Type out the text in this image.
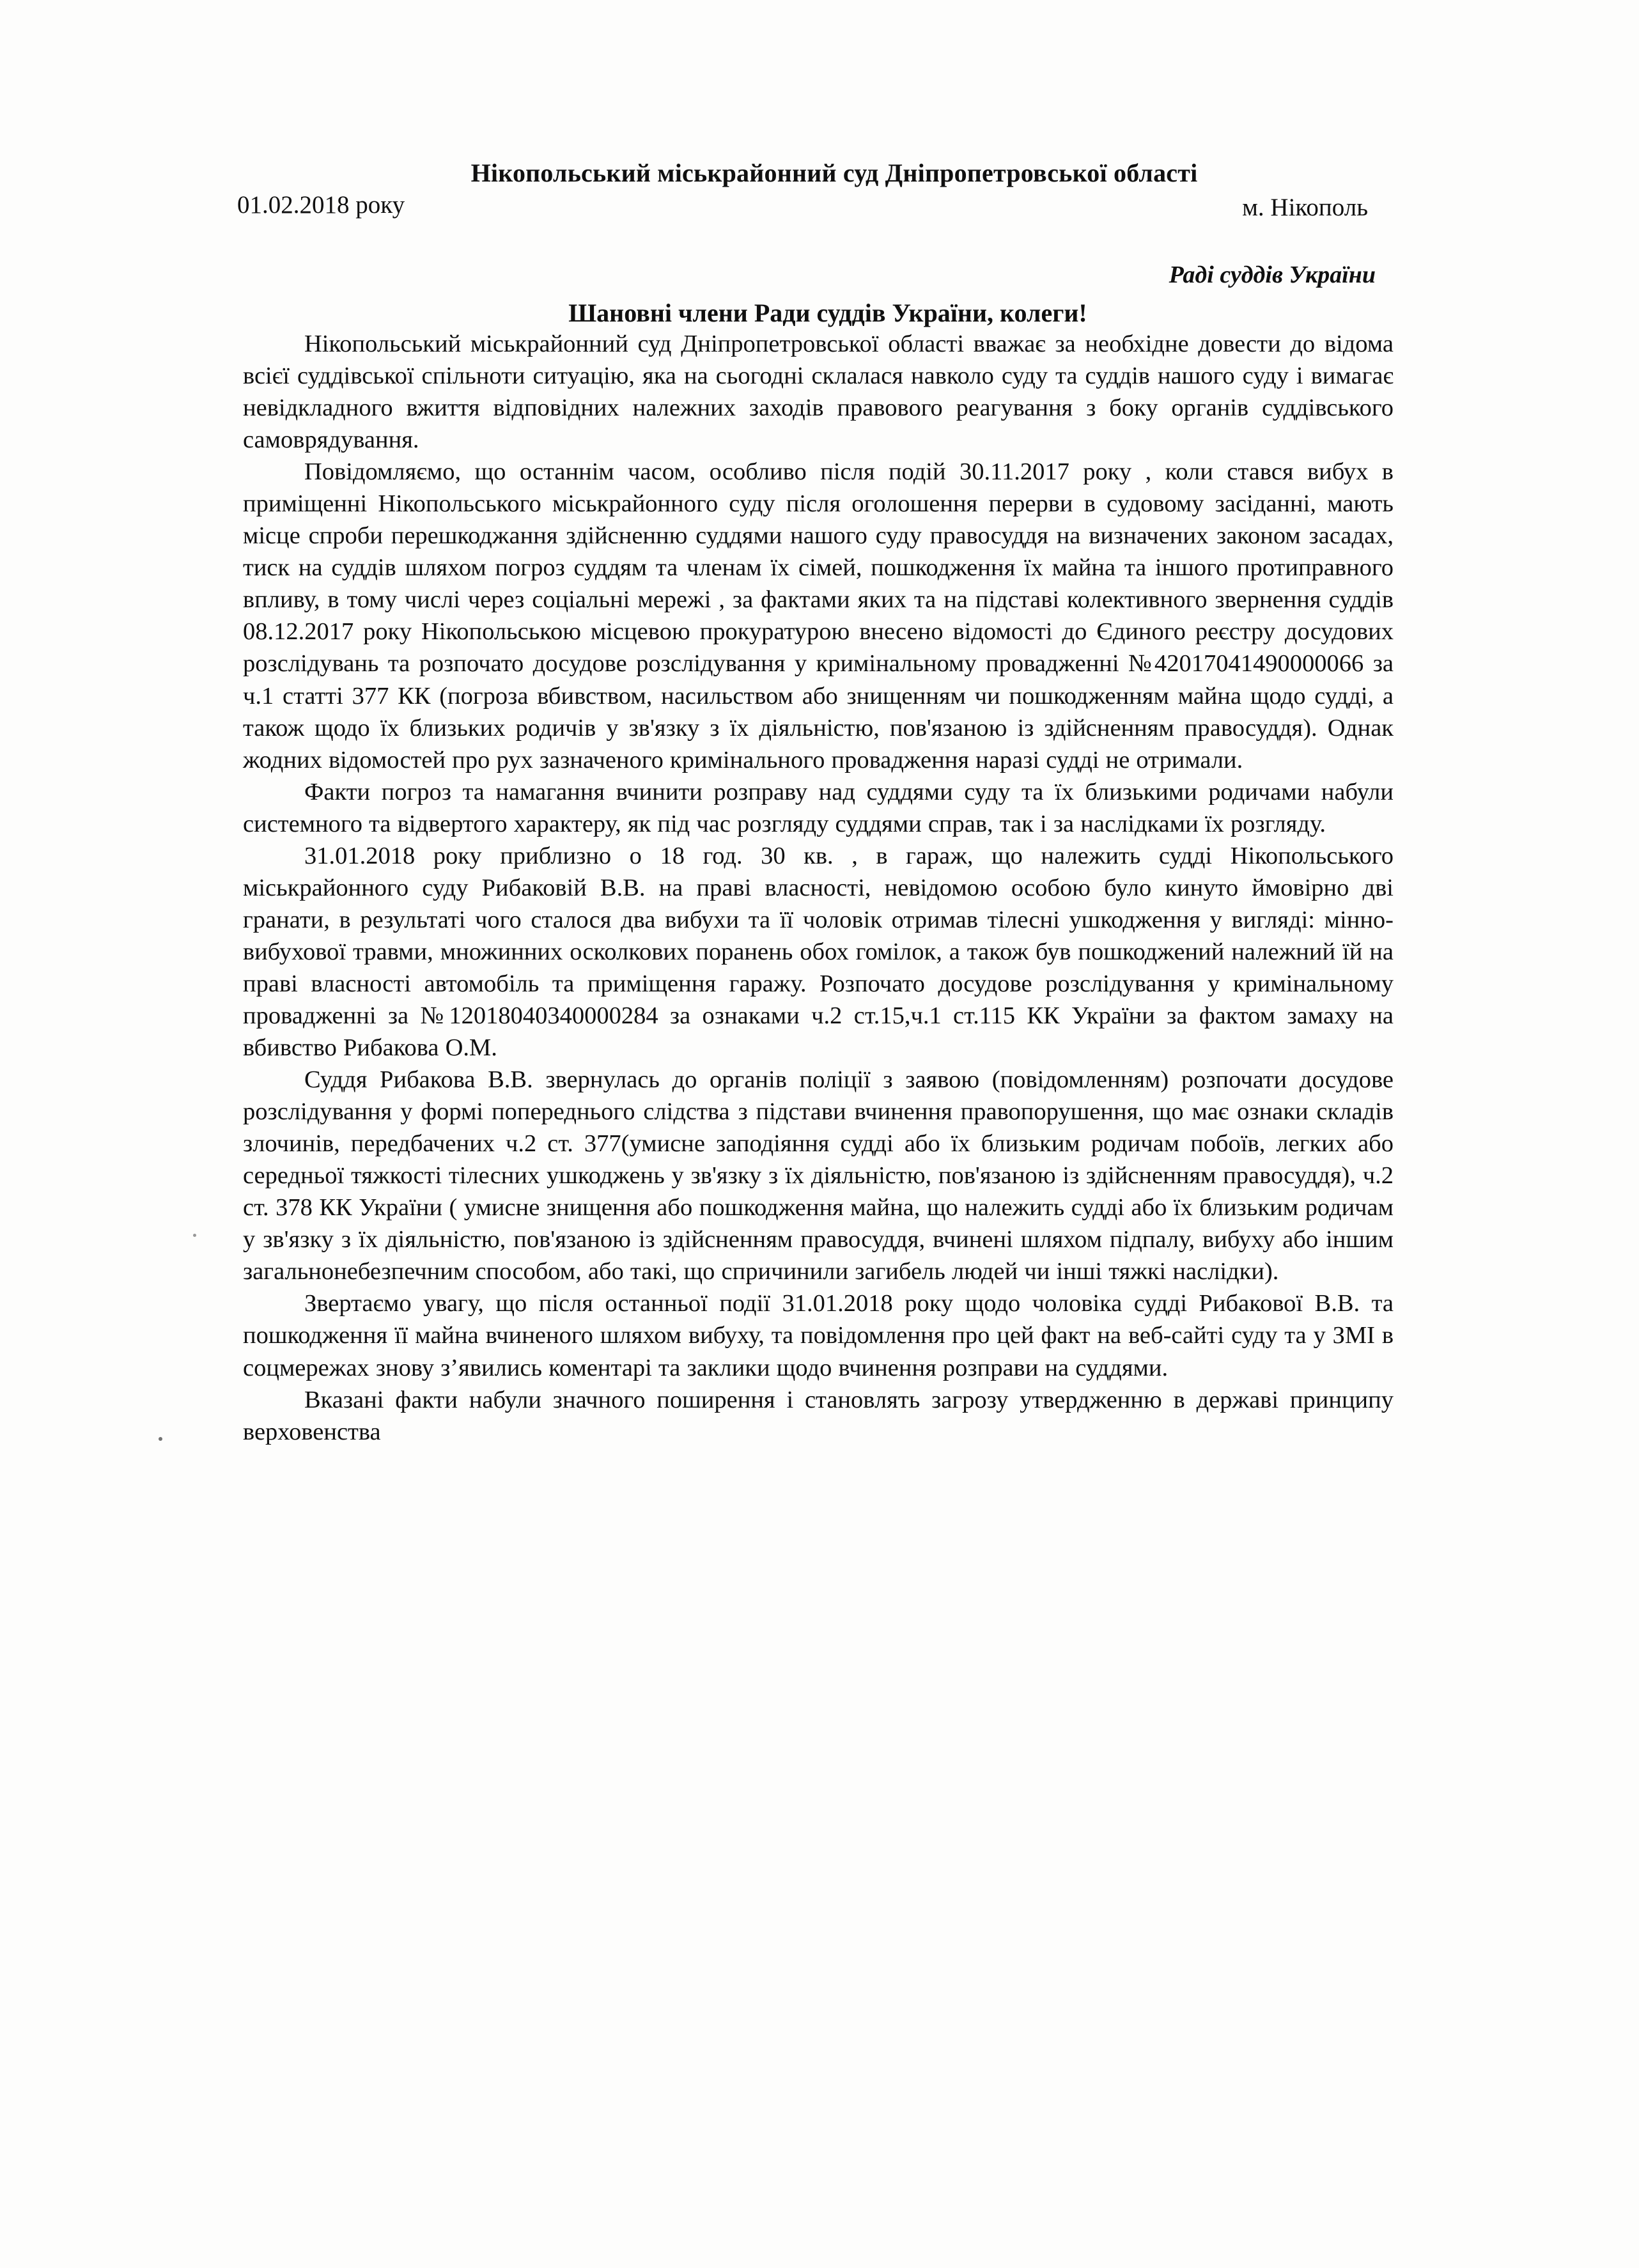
Нікопольський міськрайонний суд Дніпропетровської області
01.02.2018 року	м. Нікополь
Раді суддів України
Шановні члени Ради суддів України, колеги!

Нікопольський міськрайонний суд Дніпропетровської області вважає за необхідне довести до відома всієї суддівської спільноти ситуацію, яка на сьогодні склалася навколо суду та суддів нашого суду і вимагає невідкладного вжиття відповідних належних заходів правового реагування з боку органів суддівського самоврядування.

Повідомляємо, що останнім часом, особливо після подій 30.11.2017 року , коли стався вибух в приміщенні Нікопольського міськрайонного суду після оголошення перерви в судовому засіданні, мають місце спроби перешкоджання здійсненню суддями нашого суду правосуддя на визначених законом засадах, тиск на суддів шляхом погроз суддям та членам їх сімей, пошкодження їх майна та іншого протиправного впливу, в тому числі через соціальні мережі , за фактами яких та на підставі колективного звернення суддів 08.12.2017 року Нікопольською місцевою прокуратурою внесено відомості до Єдиного реєстру досудових розслідувань та розпочато досудове розслідування у кримінальному провадженні №42017041490000066 за ч.1 статті 377 КК (погроза вбивством, насильством або знищенням чи пошкодженням майна щодо судді, а також щодо їх близьких родичів у зв'язку з їх діяльністю, пов'язаною із здійсненням правосуддя). Однак жодних відомостей про рух зазначеного кримінального провадження наразі судді не отримали.

Факти погроз та намагання вчинити розправу над суддями суду та їх близькими родичами набули системного та відвертого характеру, як під час розгляду суддями справ, так і за наслідками їх розгляду.

31.01.2018 року приблизно о 18 год. 30 кв. , в гараж, що належить судді Нікопольського міськрайонного суду Рибаковій В.В. на праві власності, невідомою особою було кинуто ймовірно дві гранати, в результаті чого сталося два вибухи та її чоловік отримав тілесні ушкодження у вигляді: мінно-вибухової травми, множинних осколкових поранень обох гомілок, а також був пошкоджений належний їй на праві власності автомобіль та приміщення гаражу. Розпочато досудове розслідування у кримінальному провадженні за №12018040340000284 за ознаками ч.2 ст.15,ч.1 ст.115 КК України за фактом замаху на вбивство Рибакова О.М.

Суддя Рибакова В.В. звернулась до органів поліції з заявою (повідомленням) розпочати досудове розслідування у формі попереднього слідства з підстави вчинення правопорушення, що має ознаки складів злочинів, передбачених ч.2 ст. 377(умисне заподіяння судді або їх близьким родичам побоїв, легких або середньої тяжкості тілесних ушкоджень у зв'язку з їх діяльністю, пов'язаною із здійсненням правосуддя), ч.2 ст. 378 КК України ( умисне знищення або пошкодження майна, що належить судді або їх близьким родичам у зв'язку з їх діяльністю, пов'язаною із здійсненням правосуддя, вчинені шляхом підпалу, вибуху або іншим загальнонебезпечним способом, або такі, що спричинили загибель людей чи інші тяжкі наслідки).

Звертаємо увагу, що після останньої події 31.01.2018 року щодо чоловіка судді Рибакової В.В. та пошкодження її майна вчиненого шляхом вибуху, та повідомлення про цей факт на веб-сайті суду та у ЗМІ в соцмережах знову з’явились коментарі та заклики щодо вчинення розправи на суддями.

Вказані факти набули значного поширення і становлять загрозу утвердженню в державі принципу верховенства
